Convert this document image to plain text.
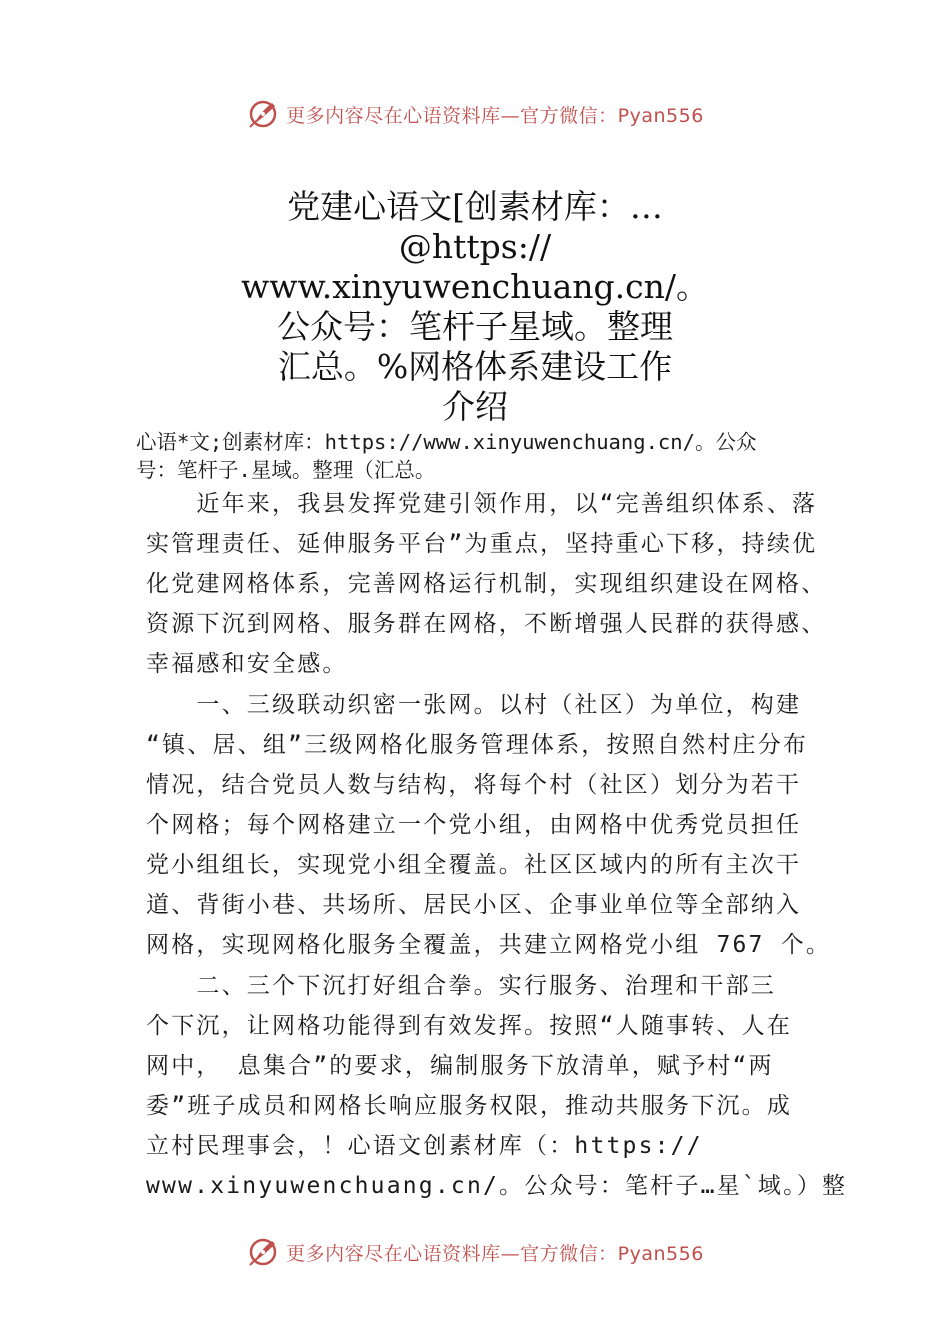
更多内容尽在心语资料库—官方微信：Pyan556
党建心语文[创素材库：…
@https://
www.xinyuwenchuang.cn/。
公众号：笔杆子星域。整理
汇总。%网格体系建设工作
介绍
心语*文;创素材库：https://www.xinyuwenchuang.cn/。公众
号：笔杆子.星域。整理（汇总。
　　近年来，我县发挥党建引领作用，以“完善组织体系、落
实管理责任、延伸服务平台”为重点，坚持重心下移，持续优
化党建网格体系，完善网格运行机制，实现组织建设在网格、
资源下沉到网格、服务群在网格，不断增强人民群的获得感、
幸福感和安全感。
　　一、三级联动织密一张网。以村（社区）为单位，构建
“镇、居、组”三级网格化服务管理体系，按照自然村庄分布
情况，结合党员人数与结构，将每个村（社区）划分为若干
个网格；每个网格建立一个党小组，由网格中优秀党员担任
党小组组长，实现党小组全覆盖。社区区域内的所有主次干
道、背街小巷、共场所、居民小区、企事业单位等全部纳入
网格，实现网格化服务全覆盖，共建立网格党小组 767 个。
　　二、三个下沉打好组合拳。实行服务、治理和干部三
个下沉，让网格功能得到有效发挥。按照“人随事转、人在
网中， 息集合”的要求，编制服务下放清单，赋予村“两
委”班子成员和网格长响应服务权限，推动共服务下沉。成
立村民理事会，！心语文创素材库（：https://
www.xinyuwenchuang.cn/。公众号：笔杆子…星`域。）整
更多内容尽在心语资料库—官方微信：Pyan556
